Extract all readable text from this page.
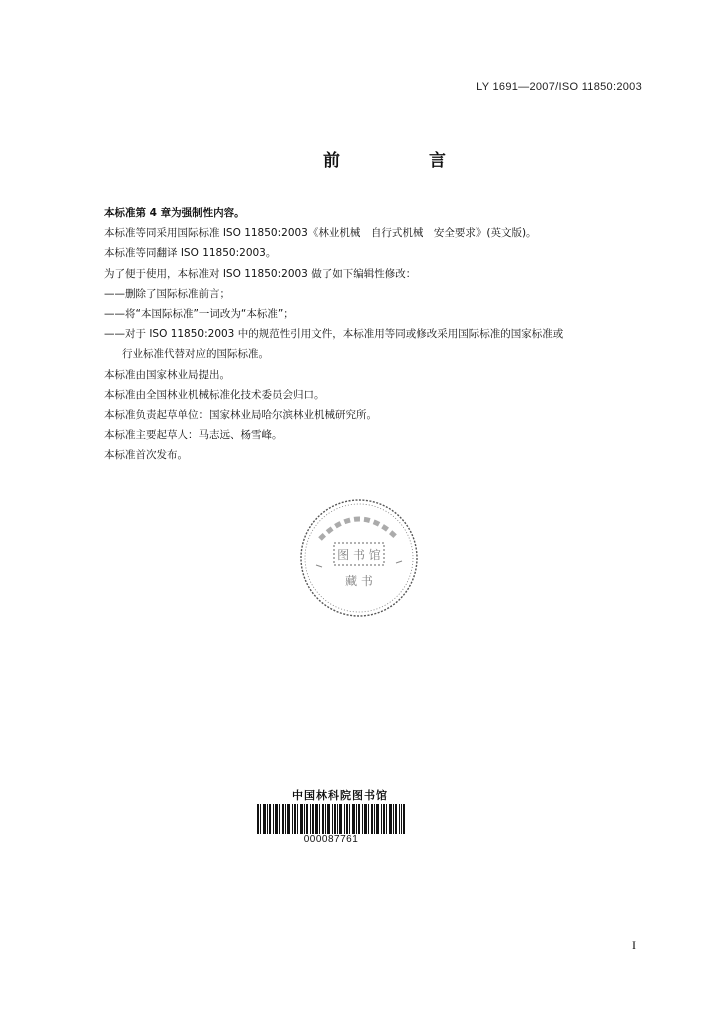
LY 1691—2007/ISO 11850:2003
前　言
本标准第 4 章为强制性内容。
本标准等同采用国际标准 ISO 11850:2003《林业机械　自行式机械　安全要求》(英文版)。
本标准等同翻译 ISO 11850:2003。
为了便于使用，本标准对 ISO 11850:2003 做了如下编辑性修改：
——删除了国际标准前言；
——将“本国际标准”一词改为“本标准”；
——对于 ISO 11850:2003 中的规范性引用文件，本标准用等同或修改采用国际标准的国家标准或
行业标准代替对应的国际标准。
本标准由国家林业局提出。
本标准由全国林业机械标准化技术委员会归口。
本标准负责起草单位：国家林业局哈尔滨林业机械研究所。
本标准主要起草人：马志远、杨雪峰。
本标准首次发布。
图 书 馆
藏 书
中国林科院图书馆
000087761
I
